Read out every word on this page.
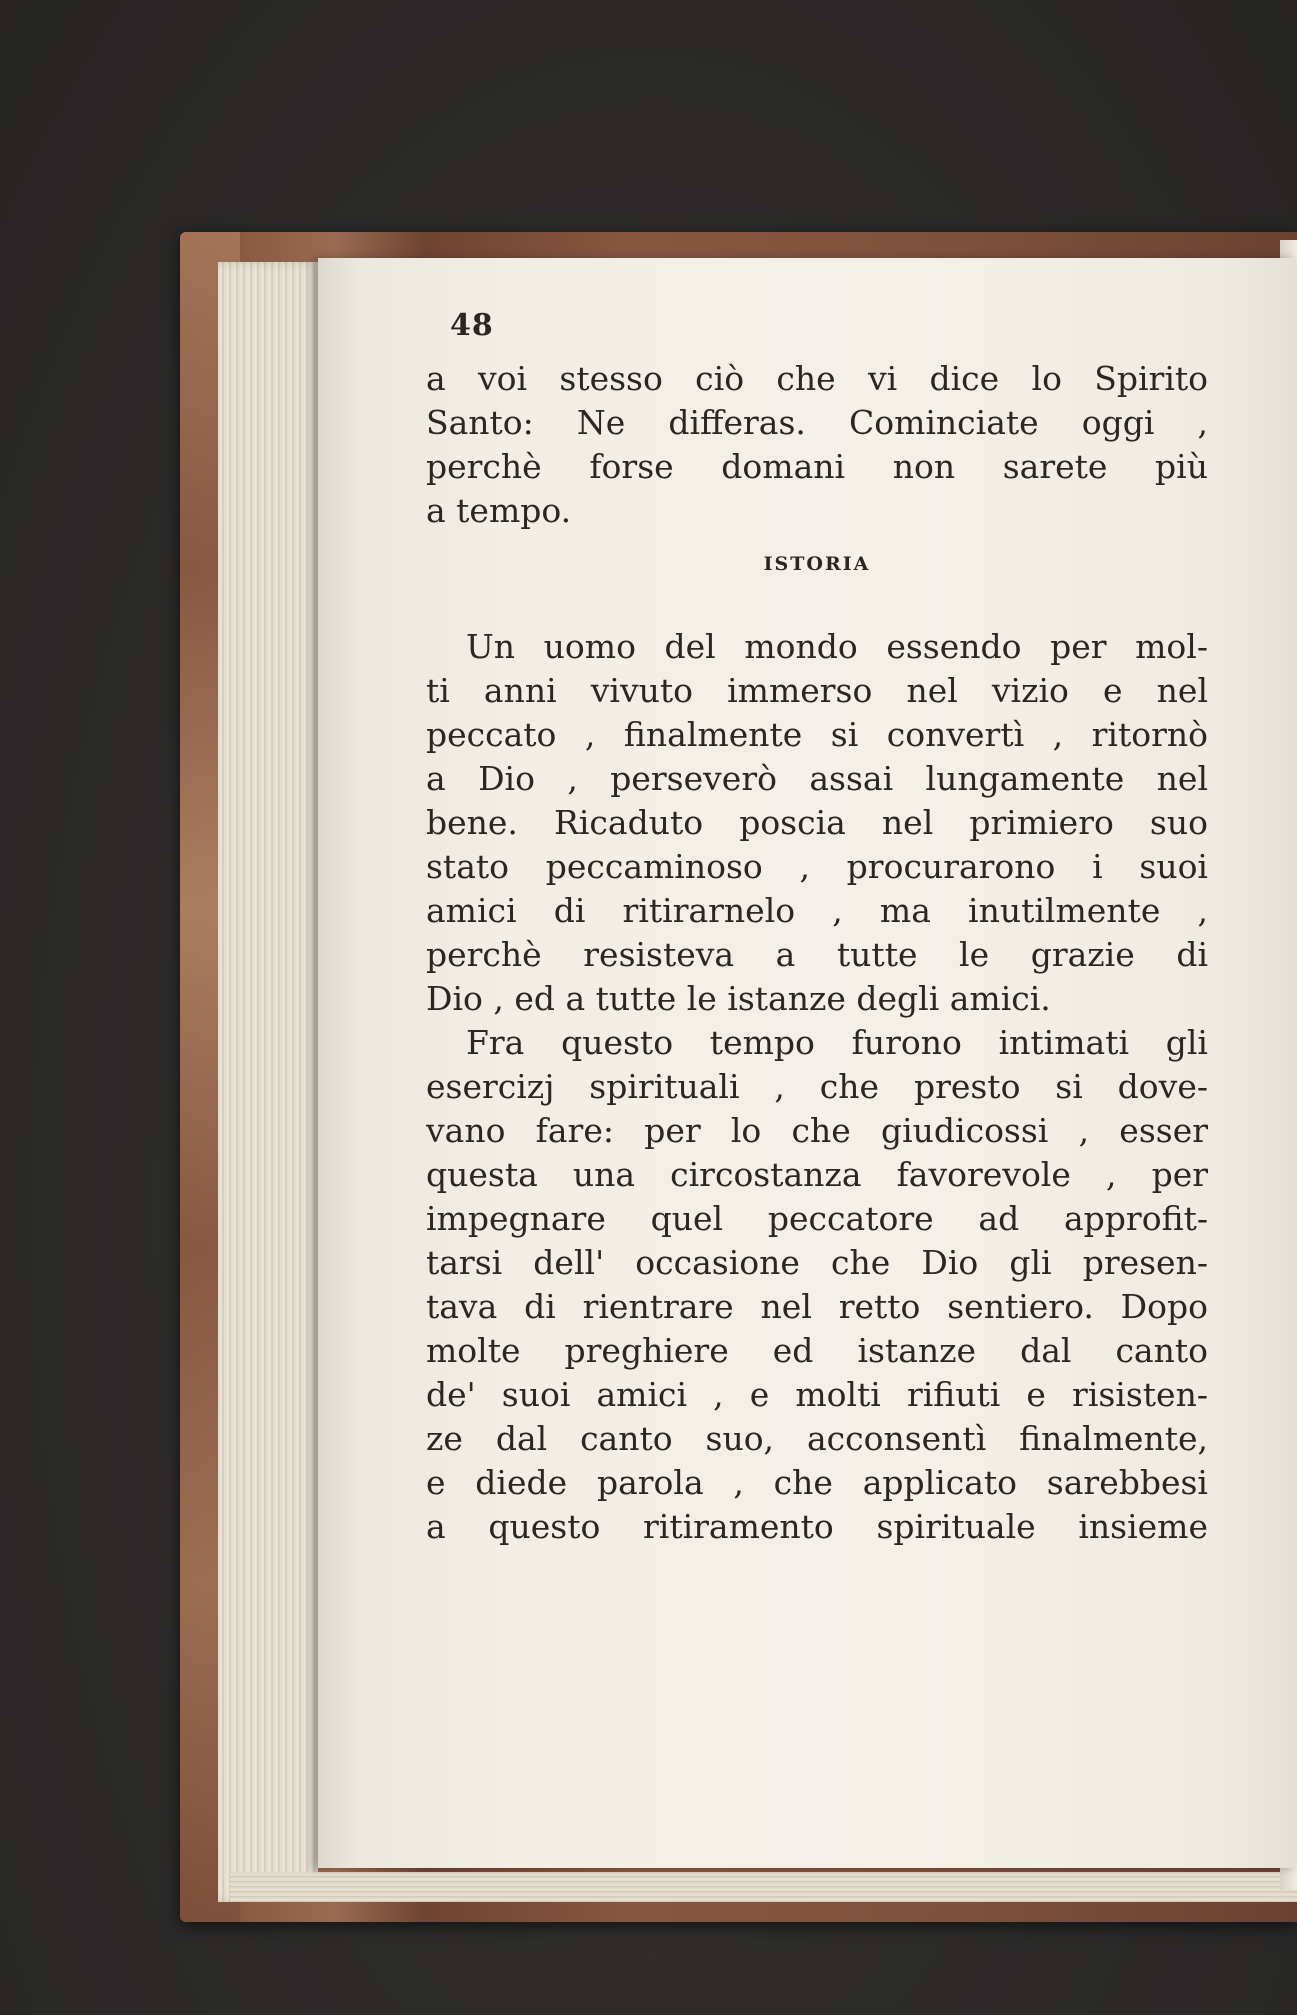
48
a voi stesso ciò che vi dice lo Spirito
Santo: Ne differas. Cominciate oggi ,
perchè forse domani non sarete più
a tempo.
ISTORIA
Un uomo del mondo essendo per mol-
ti anni vivuto immerso nel vizio e nel
peccato , finalmente si convertì , ritornò
a Dio , perseverò assai lungamente nel
bene. Ricaduto poscia nel primiero suo
stato peccaminoso , procurarono i suoi
amici di ritirarnelo , ma inutilmente ,
perchè resisteva a tutte le grazie di
Dio , ed a tutte le istanze degli amici.
Fra questo tempo furono intimati gli
esercizj spirituali , che presto si dove-
vano fare: per lo che giudicossi , esser
questa una circostanza favorevole , per
impegnare quel peccatore ad approfit-
tarsi dell' occasione che Dio gli presen-
tava di rientrare nel retto sentiero. Dopo
molte preghiere ed istanze dal canto
de' suoi amici , e molti rifiuti e risisten-
ze dal canto suo, acconsentì finalmente,
e diede parola , che applicato sarebbesi
a questo ritiramento spirituale insieme
